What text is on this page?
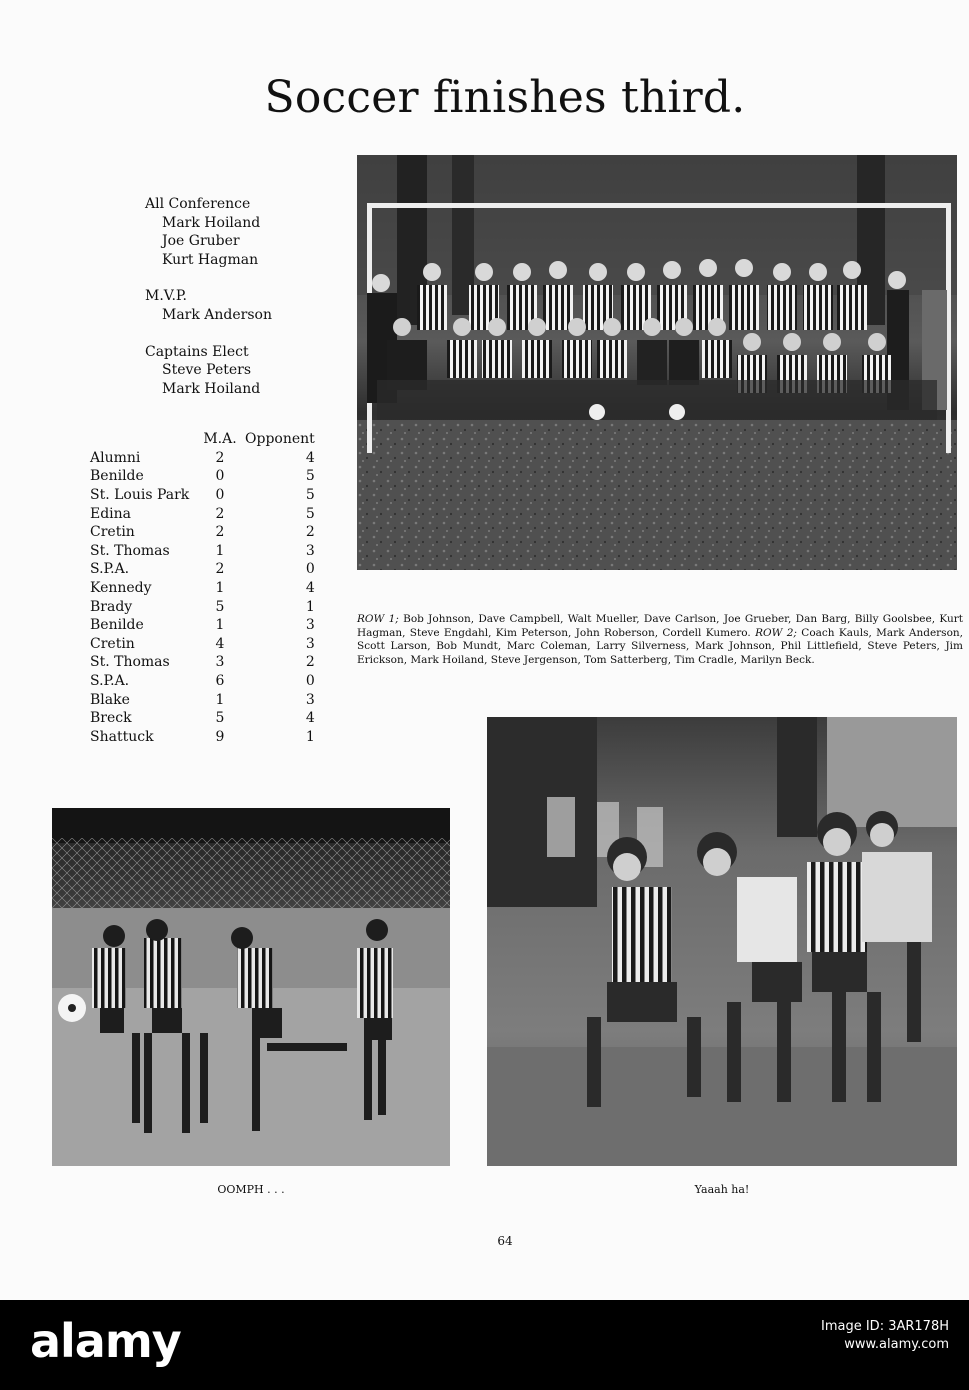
Soccer finishes third.
All Conference
Mark Hoiland
Joe Gruber
Kurt Hagman
M.V.P.
Mark Anderson
Captains Elect
Steve Peters
Mark Hoiland
	M.A.	Opponent
Alumni	2	4
Benilde	0	5
St. Louis Park	0	5
Edina	2	5
Cretin	2	2
St. Thomas	1	3
S.P.A.	2	0
Kennedy	1	4
Brady	5	1
Benilde	1	3
Cretin	4	3
St. Thomas	3	2
S.P.A.	6	0
Blake	1	3
Breck	5	4
Shattuck	9	1
ROW 1; Bob Johnson, Dave Campbell, Walt Mueller, Dave Carlson, Joe Grueber, Dan Barg, Billy Goolsbee, Kurt Hagman, Steve Engdahl, Kim Peterson, John Roberson, Cordell Kumero. ROW 2; Coach Kauls, Mark Anderson, Scott Larson, Bob Mundt, Marc Coleman, Larry Silverness, Mark Johnson, Phil Littlefield, Steve Peters, Jim Erickson, Mark Hoiland, Steve Jergenson, Tom Satterberg, Tim Cradle, Marilyn Beck.
OOMPH . . .	Yaaah ha!
64
alamy	Image ID: 3AR178H
www.alamy.com
